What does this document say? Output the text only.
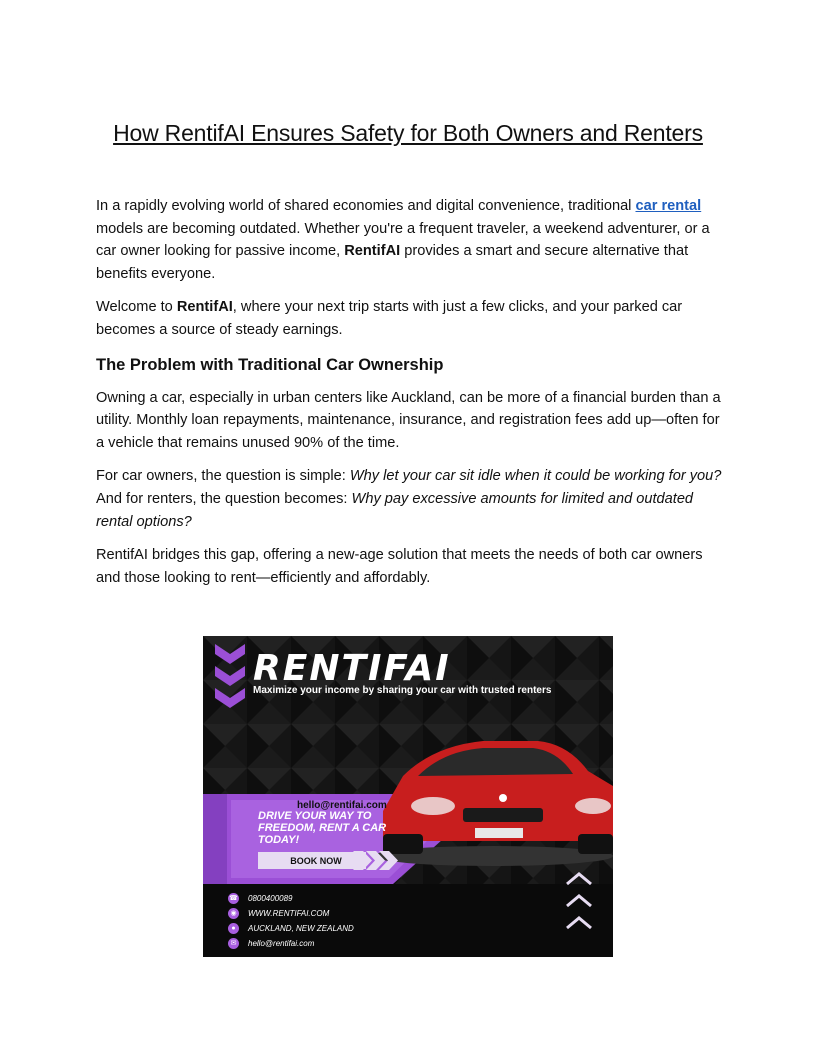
How RentifAI Ensures Safety for Both Owners and Renters

In a rapidly evolving world of shared economies and digital convenience, traditional car rental models are becoming outdated. Whether you're a frequent traveler, a weekend adventurer, or a car owner looking for passive income, RentifAI provides a smart and secure alternative that benefits everyone.

Welcome to RentifAI, where your next trip starts with just a few clicks, and your parked car becomes a source of steady earnings.

The Problem with Traditional Car Ownership

Owning a car, especially in urban centers like Auckland, can be more of a financial burden than a utility. Monthly loan repayments, maintenance, insurance, and registration fees add up—often for a vehicle that remains unused 90% of the time.

For car owners, the question is simple: Why let your car sit idle when it could be working for you? And for renters, the question becomes: Why pay excessive amounts for limited and outdated rental options?

RentifAI bridges this gap, offering a new-age solution that meets the needs of both car owners and those looking to rent—efficiently and affordably.

RENTIFAI
Maximize your income by sharing your car with trusted renters
hello@rentifai.com
DRIVE YOUR WAY TO FREEDOM, RENT A CAR TODAY!
BOOK NOW
☎ 0800400089
◉	WWW.RENTIFAI.COM
●	AUCKLAND, NEW ZEALAND
✉	hello@rentifai.com
